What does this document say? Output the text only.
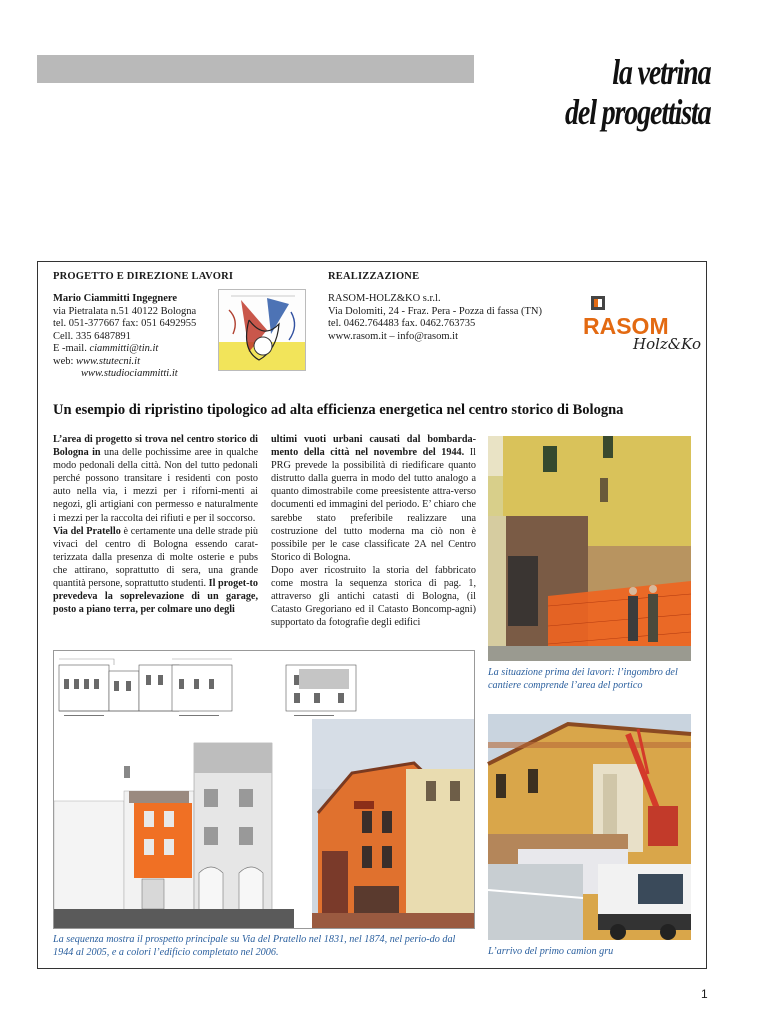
la vetrina
del progettista
PROGETTO E DIREZIONE LAVORI	REALIZZAZIONE
Mario Ciammitti Ingegnere
via Pietralata n.51 40122 Bologna
tel. 051-377667 fax: 051 6492955
Cell. 335 6487891
E -mail. ciammitti@tin.it
web: www.stutecni.it
www.studiociammitti.it
RASOM-HOLZ&KO s.r.l.
Via Dolomiti, 24 - Fraz. Pera - Pozza di fassa (TN)
tel. 0462.764483 fax. 0462.763735
www.rasom.it – info@rasom.it	RASOM
Holz&Ko
Un esempio di ripristino tipologico ad alta efficienza energetica nel centro storico di Bologna
L’area di progetto si trova nel centro storico di Bologna in una delle pochissime aree in qualche modo pedonali della città. Non del tutto pedonali perché possono transitare i residenti con posto auto nella via, i mezzi per i riforni-menti ai negozi, gli artigiani con permesso e naturalmente i mezzi per la raccolta dei rifiuti e per il soccorso.
Via del Pratello è certamente una delle strade più vivaci del centro di Bologna essendo carat-terizzata dalla presenza di molte osterie e pubs che attirano, soprattutto di sera, una grande quantità persone, soprattutto studenti. Il proget-to prevedeva la soprelevazione di un garage, posto a piano terra, per colmare uno degli
ultimi vuoti urbani causati dal bombarda-mento della città nel novembre del 1944. Il PRG prevede la possibilità di riedificare quanto distrutto dalla guerra in modo del tutto analogo a quanto dimostrabile come preesistente attra-verso documenti ed immagini del periodo. E’ chiaro che sarebbe stato preferibile realizzare una costruzione del tutto moderna ma ciò non è possibile per le case classificate 2A nel Centro Storico di Bologna.
Dopo aver ricostruito la storia del fabbricato come mostra la sequenza storica di pag. 1, attraverso gli antichi catasti di Bologna, (il Catasto Gregoriano ed il Catasto Boncomp-agni) supportato da fotografie degli edifici
La situazione prima dei lavori: l’ingombro del cantiere comprende l’area del portico
La sequenza mostra il prospetto principale su Via del Pratello nel 1831, nel 1874, nel perio-do dal 1944 al 2005, e a colori l’edificio completato nel 2006.	L’arrivo del primo camion gru
1
